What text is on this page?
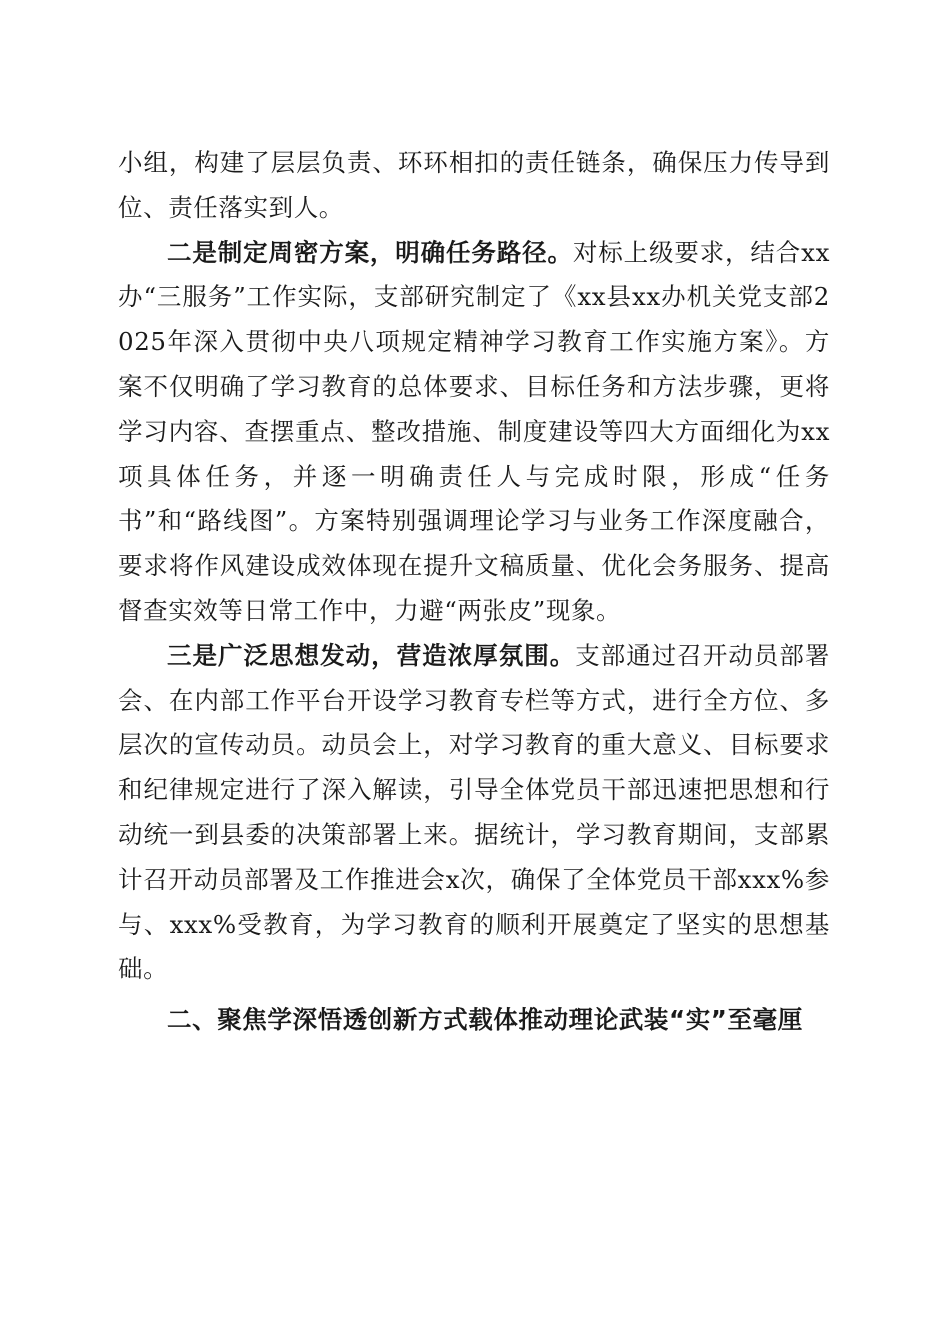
小组，构建了层层负责、环环相扣的责任链条，确保压力传导到位、责任落实到人。

二是制定周密方案，明确任务路径。对标上级要求，结合xx办“三服务”工作实际，支部研究制定了《xx县xx办机关党支部2025年深入贯彻中央八项规定精神学习教育工作实施方案》。方案不仅明确了学习教育的总体要求、目标任务和方法步骤，更将学习内容、查摆重点、整改措施、制度建设等四大方面细化为xx项具体任务，并逐一明确责任人与完成时限，形成“任务书”和“路线图”。方案特别强调理论学习与业务工作深度融合，要求将作风建设成效体现在提升文稿质量、优化会务服务、提高督查实效等日常工作中，力避“两张皮”现象。

三是广泛思想发动，营造浓厚氛围。支部通过召开动员部署会、在内部工作平台开设学习教育专栏等方式，进行全方位、多层次的宣传动员。动员会上，对学习教育的重大意义、目标要求和纪律规定进行了深入解读，引导全体党员干部迅速把思想和行动统一到县委的决策部署上来。据统计，学习教育期间，支部累计召开动员部署及工作推进会x次，确保了全体党员干部xxx%参与、xxx%受教育，为学习教育的顺利开展奠定了坚实的思想基础。

二、聚焦学深悟透创新方式载体推动理论武装“实”至毫厘
